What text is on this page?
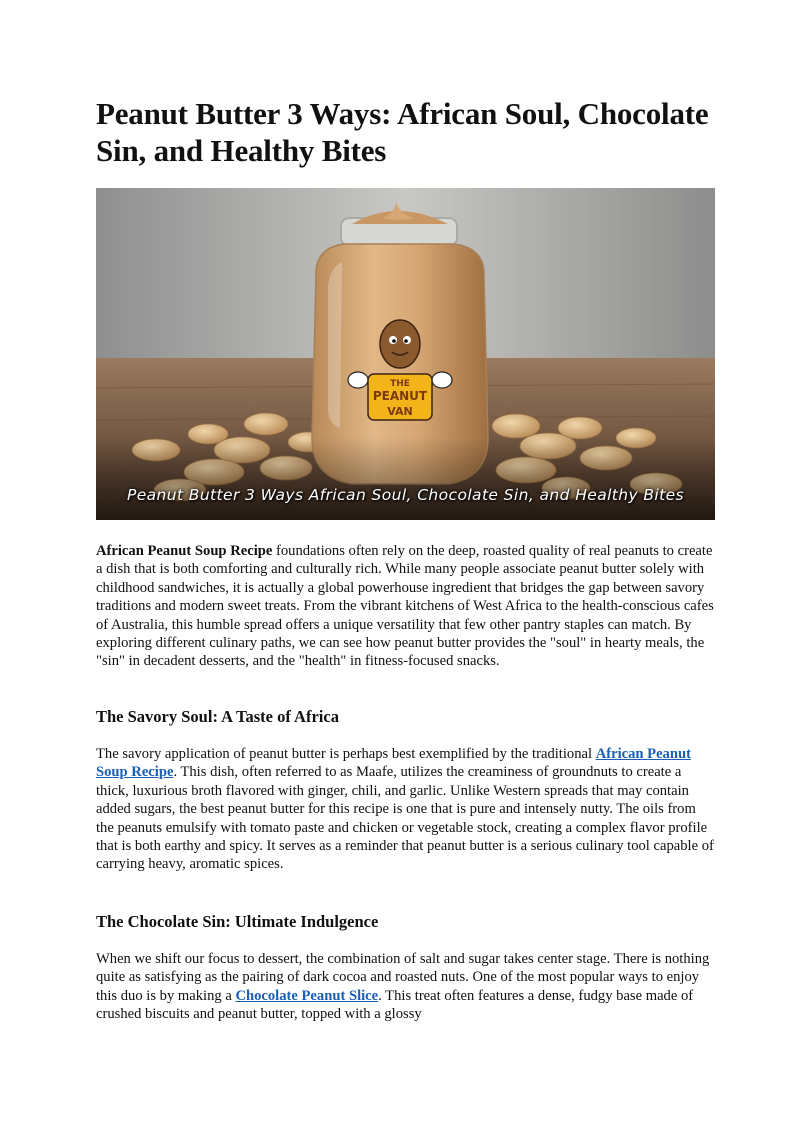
Peanut Butter 3 Ways: African Soul, Chocolate Sin, and Healthy Bites
Peanut Butter 3 Ways African Soul, Chocolate Sin, and Healthy Bites

African Peanut Soup Recipe foundations often rely on the deep, roasted quality of real peanuts to create a dish that is both comforting and culturally rich. While many people associate peanut butter solely with childhood sandwiches, it is actually a global powerhouse ingredient that bridges the gap between savory traditions and modern sweet treats. From the vibrant kitchens of West Africa to the health-conscious cafes of Australia, this humble spread offers a unique versatility that few other pantry staples can match. By exploring different culinary paths, we can see how peanut butter provides the "soul" in hearty meals, the "sin" in decadent desserts, and the "health" in fitness-focused snacks.

The Savory Soul: A Taste of Africa

The savory application of peanut butter is perhaps best exemplified by the traditional African Peanut Soup Recipe. This dish, often referred to as Maafe, utilizes the creaminess of groundnuts to create a thick, luxurious broth flavored with ginger, chili, and garlic. Unlike Western spreads that may contain added sugars, the best peanut butter for this recipe is one that is pure and intensely nutty. The oils from the peanuts emulsify with tomato paste and chicken or vegetable stock, creating a complex flavor profile that is both earthy and spicy. It serves as a reminder that peanut butter is a serious culinary tool capable of carrying heavy, aromatic spices.

The Chocolate Sin: Ultimate Indulgence

When we shift our focus to dessert, the combination of salt and sugar takes center stage. There is nothing quite as satisfying as the pairing of dark cocoa and roasted nuts. One of the most popular ways to enjoy this duo is by making a Chocolate Peanut Slice. This treat often features a dense, fudgy base made of crushed biscuits and peanut butter, topped with a glossy
